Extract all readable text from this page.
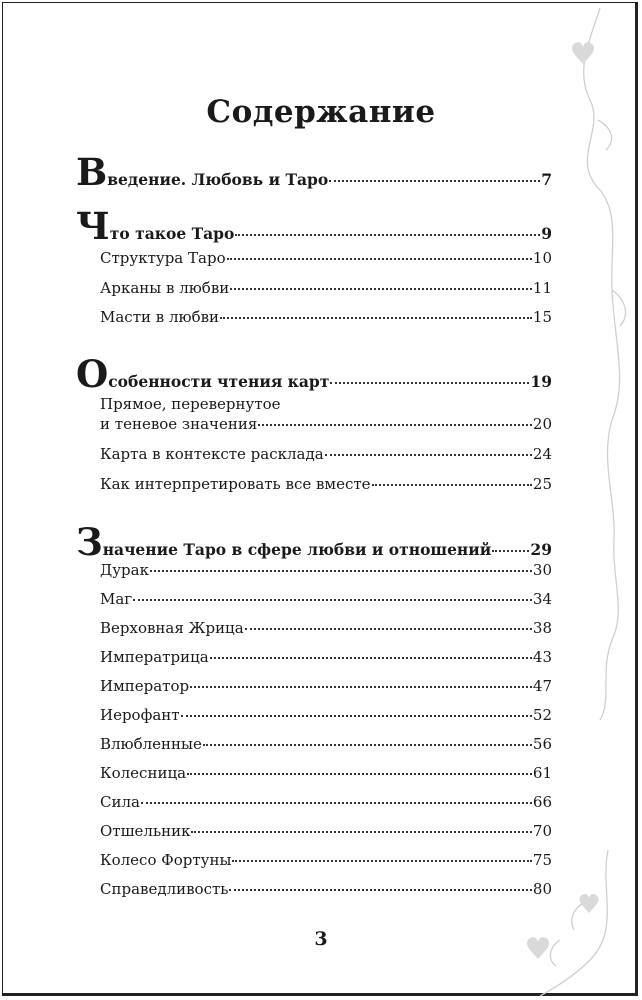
Содержание
Введение. Любовь и Таро	7
Что такое Таро	9
Структура Таро	10
Арканы в любви	11
Масти в любви	15
Особенности чтения карт	19
Прямое, перевернутое
и теневое значения	20
Карта в контексте расклада	24
Как интерпретировать все вместе	25
Значение Таро в сфере любви и отношений	29
Дурак	30
Маг	34
Верховная Жрица	38
Императрица	43
Император	47
Иерофант	52
Влюбленные	56
Колесница	61
Сила	66
Отшельник	70
Колесо Фортуны	75
Справедливость	80
3
